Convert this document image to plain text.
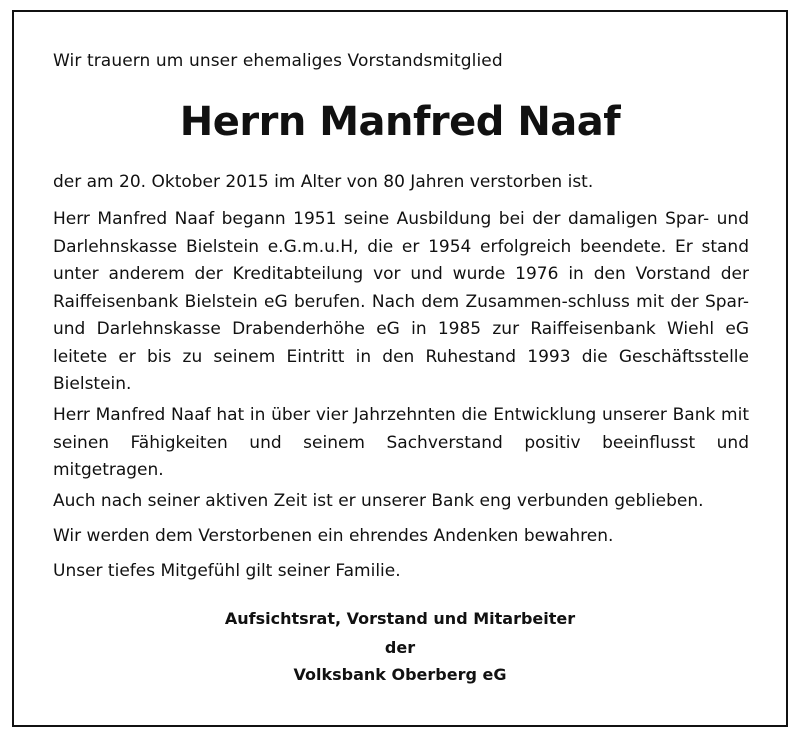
Wir trauern um unser ehemaliges Vorstandsmitglied
Herrn Manfred Naaf
der am 20. Oktober 2015 im Alter von 80 Jahren verstorben ist.
Herr Manfred Naaf begann 1951 seine Ausbildung bei der damaligen Spar- und Darlehnskasse Bielstein e.G.m.u.H, die er 1954 erfolgreich beendete. Er stand unter anderem der Kreditabteilung vor und wurde 1976 in den Vorstand der Raiffeisenbank Bielstein eG berufen. Nach dem Zusammen-schluss mit der Spar- und Darlehnskasse Drabenderhöhe eG in 1985 zur Raiffeisenbank Wiehl eG leitete er bis zu seinem Eintritt in den Ruhestand 1993 die Geschäftsstelle Bielstein.
Herr Manfred Naaf hat in über vier Jahrzehnten die Entwicklung unserer Bank mit seinen Fähigkeiten und seinem Sachverstand positiv beeinflusst und mitgetragen.
Auch nach seiner aktiven Zeit ist er unserer Bank eng verbunden geblieben.
Wir werden dem Verstorbenen ein ehrendes Andenken bewahren.
Unser tiefes Mitgefühl gilt seiner Familie.
Aufsichtsrat, Vorstand und Mitarbeiter
der
Volksbank Oberberg eG
